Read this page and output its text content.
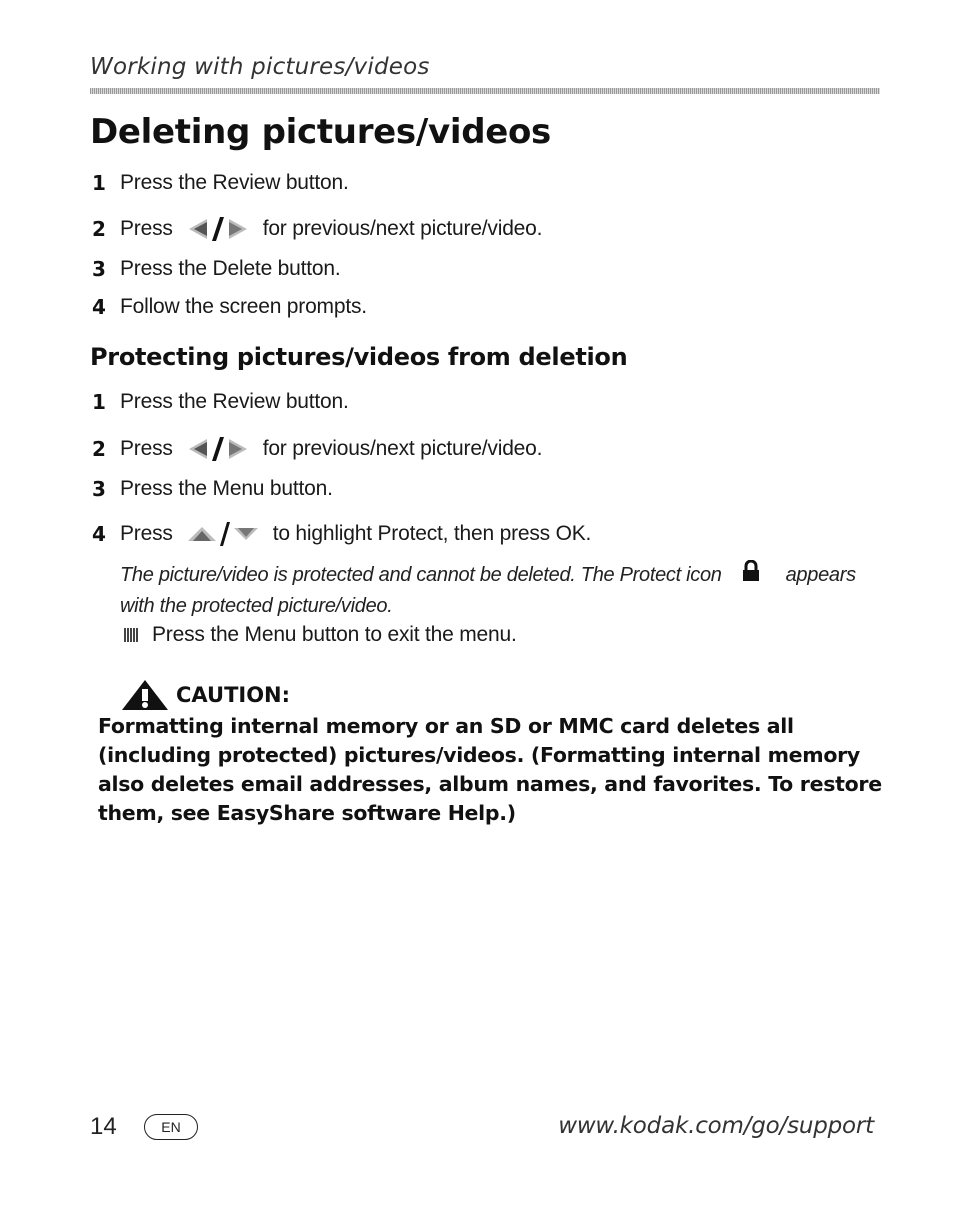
Working with pictures/videos
Deleting pictures/videos
1 Press the Review button.
2 Press	for previous/next picture/video.
3 Press the Delete button.
4 Follow the screen prompts.
Protecting pictures/videos from deletion
1 Press the Review button.
2 Press	for previous/next picture/video.
3 Press the Menu button.
4 Press	to highlight Protect, then press OK.
The picture/video is protected and cannot be deleted. The Protect icon	appears with the protected picture/video.
Press the Menu button to exit the menu.
CAUTION:

Formatting internal memory or an SD or MMC card deletes all (including protected) pictures/videos. (Formatting internal memory also deletes email addresses, album names, and favorites. To restore them, see EasyShare software Help.)

14	EN	www.kodak.com/go/support
